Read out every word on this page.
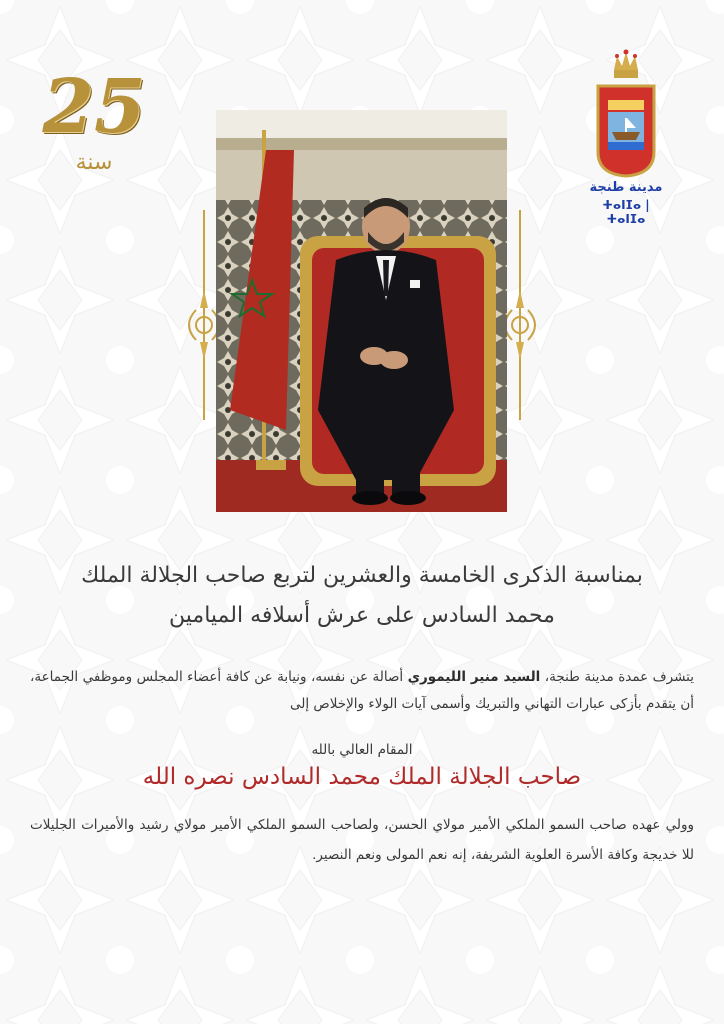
25
سنة
مدينة طنجة
ⵜⴰⵏⵊⴰ | ⵜⴰⵏⵊⴰ
بمناسبة الذكرى الخامسة والعشرين لتربع صاحب الجلالة الملك
محمد السادس على عرش أسلافه الميامين
يتشرف عمدة مدينة طنجة، السيد منير الليموري أصالة عن نفسه، ونيابة عن كافة أعضاء المجلس وموظفي الجماعة، أن يتقدم بأزكى عبارات التهاني والتبريك وأسمى آيات الولاء والإخلاص إلى
المقام العالي بالله
صاحب الجلالة الملك محمد السادس نصره الله
وولي عهده صاحب السمو الملكي الأمير مولاي الحسن، ولصاحب السمو الملكي الأمير مولاي رشيد والأميرات الجليلات للا خديجة وكافة الأسرة العلوية الشريفة، إنه نعم المولى ونعم النصير.
